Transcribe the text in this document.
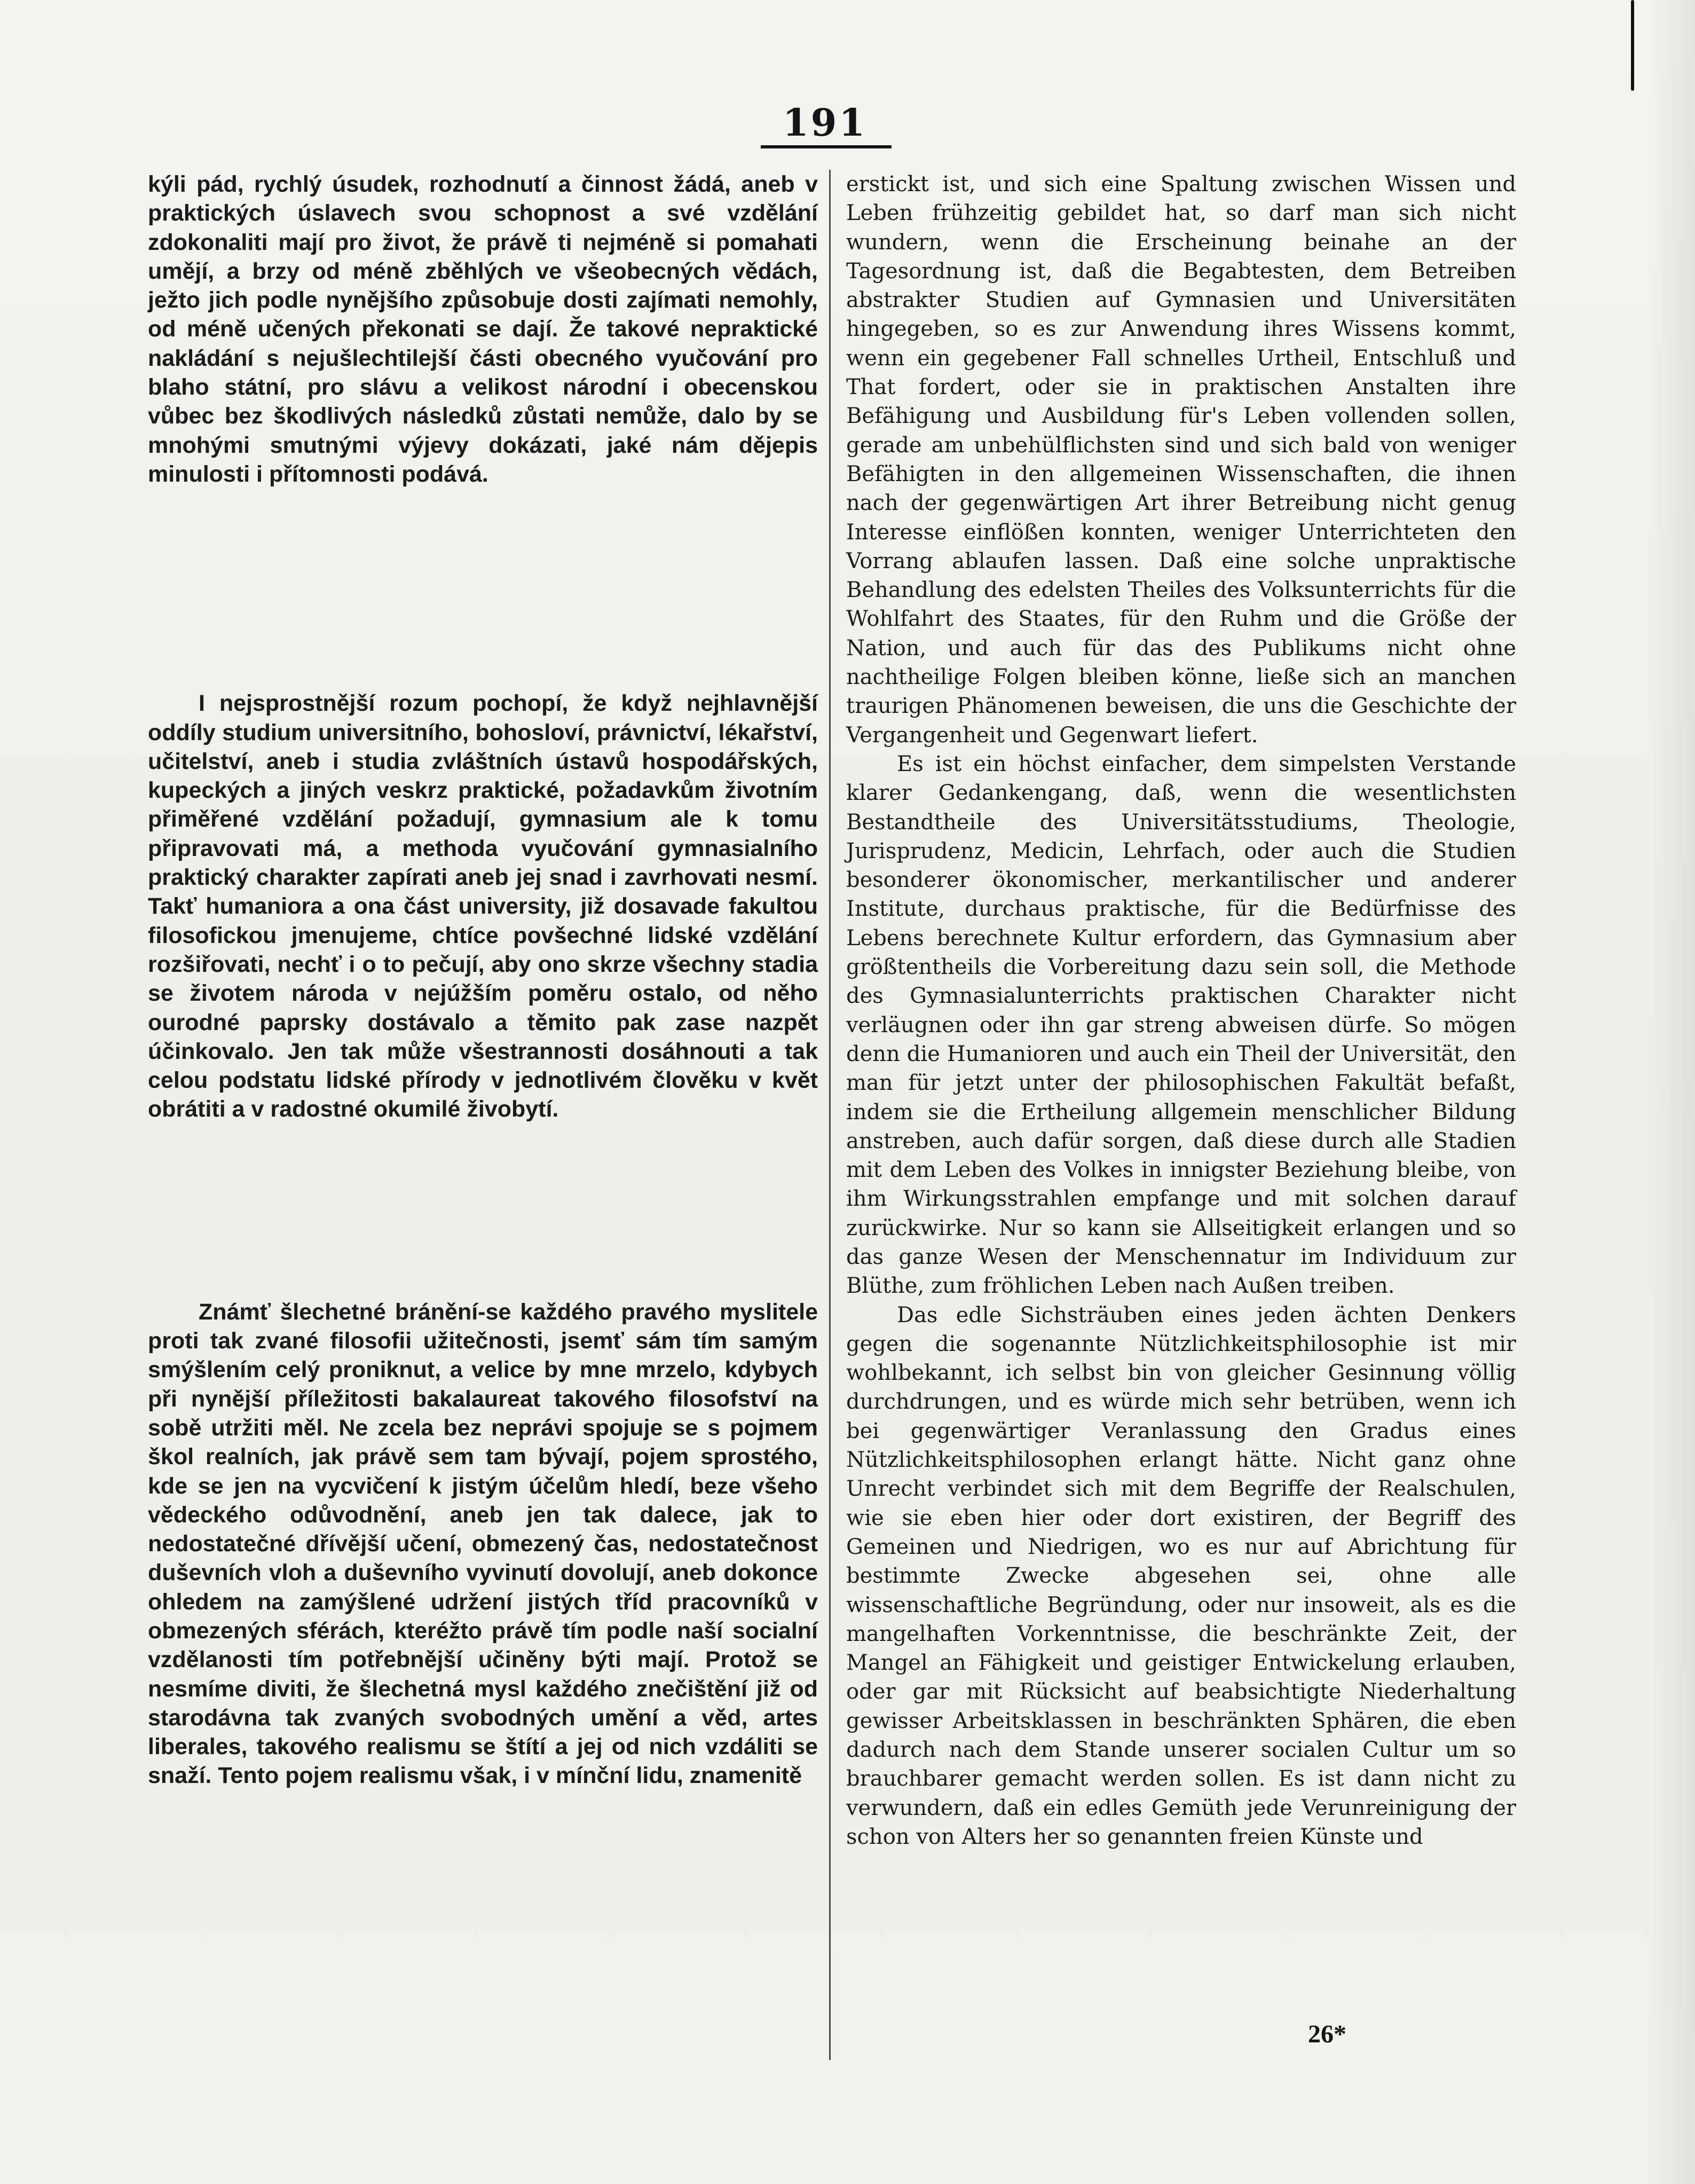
191

kýli pád, rychlý úsudek, rozhodnutí a činnost žádá, aneb v praktických úslavech svou schopnost a své vzdělání zdokonaliti mají pro život, že právě ti nejméně si pomahati umějí, a brzy od méně zběhlých ve všeobecných vědách, ježto jich podle nynějšího způsobuje dosti zajímati nemohly, od méně učených překonati se dají. Že takové nepraktické nakládání s nejušlechtilejší části obecného vyučování pro blaho státní, pro slávu a velikost národní i obecenskou vůbec bez škodlivých následků zůstati nemůže, dalo by se mnohými smutnými výjevy dokázati, jaké nám dějepis minulosti i přítomnosti podává.

I nejsprostnější rozum pochopí, že když nejhlavnější oddíly studium universitního, bohosloví, právnictví, lékařství, učitelství, aneb i studia zvláštních ústavů hospodářských, kupeckých a jiných veskrz praktické, požadavkům životním přiměřené vzdělání požadují, gymnasium ale k tomu připravovati má, a methoda vyučování gymnasialního praktický charakter zapírati aneb jej snad i zavrhovati nesmí. Takť humaniora a ona část university, již dosavade fakultou filosofickou jmenujeme, chtíce povšechné lidské vzdělání rozšiřovati, nechť i o to pečují, aby ono skrze všechny stadia se životem národa v nejúžším poměru ostalo, od něho ourodné paprsky dostávalo a těmito pak zase nazpět účinkovalo. Jen tak může všestrannosti dosáhnouti a tak celou podstatu lidské přírody v jednotlivém člověku v květ obrátiti a v radostné okumilé živobytí.

Známť šlechetné bránění-se každého pravého myslitele proti tak zvané filosofii užitečnosti, jsemť sám tím samým smýšlením celý proniknut, a velice by mne mrzelo, kdybych při nynější příležitosti bakalaureat takového filosofství na sobě utržiti měl. Ne zcela bez neprávi spojuje se s pojmem škol realních, jak právě sem tam bývají, pojem sprostého, kde se jen na vycvičení k jistým účelům hledí, beze všeho vědeckého odůvodnění, aneb jen tak dalece, jak to nedostatečné dřívější učení, obmezený čas, nedostatečnost duševních vloh a duševního vyvinutí dovolují, aneb dokonce ohledem na zamýšlené udržení jistých tříd pracovníků v obmezených sférách, kteréžto právě tím podle naší socialní vzdělanosti tím potřebnější učiněny býti mají. Protož se nesmíme diviti, že šlechetná mysl každého znečištění již od starodávna tak zvaných svobodných umění a věd, artes liberales, takového realismu se štítí a jej od nich vzdáliti se snaží. Tento pojem realismu však, i v mínční lidu, znamenitě

erstickt ist, und sich eine Spaltung zwischen Wissen und Leben frühzeitig gebildet hat, so darf man sich nicht wundern, wenn die Erscheinung beinahe an der Tagesordnung ist, daß die Begabtesten, dem Betreiben abstrakter Studien auf Gymnasien und Universitäten hingegeben, so es zur Anwendung ihres Wissens kommt, wenn ein gegebener Fall schnelles Urtheil, Entschluß und That fordert, oder sie in praktischen Anstalten ihre Befähigung und Ausbildung für's Leben vollenden sollen, gerade am unbehülflichsten sind und sich bald von weniger Befähigten in den allgemeinen Wissenschaften, die ihnen nach der gegenwärtigen Art ihrer Betreibung nicht genug Interesse einflößen konnten, weniger Unterrichteten den Vorrang ablaufen lassen. Daß eine solche unpraktische Behandlung des edelsten Theiles des Volksunterrichts für die Wohlfahrt des Staates, für den Ruhm und die Größe der Nation, und auch für das des Publikums nicht ohne nachtheilige Folgen bleiben könne, ließe sich an manchen traurigen Phänomenen beweisen, die uns die Geschichte der Vergangenheit und Gegenwart liefert.

Es ist ein höchst einfacher, dem simpelsten Verstande klarer Gedankengang, daß, wenn die wesentlichsten Bestandtheile des Universitätsstudiums, Theologie, Jurisprudenz, Medicin, Lehrfach, oder auch die Studien besonderer ökonomischer, merkantilischer und anderer Institute, durchaus praktische, für die Bedürfnisse des Lebens berechnete Kultur erfordern, das Gymnasium aber größtentheils die Vorbereitung dazu sein soll, die Methode des Gymnasialunterrichts praktischen Charakter nicht verläugnen oder ihn gar streng abweisen dürfe. So mögen denn die Humanioren und auch ein Theil der Universität, den man für jetzt unter der philosophischen Fakultät befaßt, indem sie die Ertheilung allgemein menschlicher Bildung anstreben, auch dafür sorgen, daß diese durch alle Stadien mit dem Leben des Volkes in innigster Beziehung bleibe, von ihm Wirkungsstrahlen empfange und mit solchen darauf zurückwirke. Nur so kann sie Allseitigkeit erlangen und so das ganze Wesen der Menschennatur im Individuum zur Blüthe, zum fröhlichen Leben nach Außen treiben.

Das edle Sichsträuben eines jeden ächten Denkers gegen die sogenannte Nützlichkeitsphilosophie ist mir wohlbekannt, ich selbst bin von gleicher Gesinnung völlig durchdrungen, und es würde mich sehr betrüben, wenn ich bei gegenwärtiger Veranlassung den Gradus eines Nützlichkeitsphilosophen erlangt hätte. Nicht ganz ohne Unrecht verbindet sich mit dem Begriffe der Realschulen, wie sie eben hier oder dort existiren, der Begriff des Gemeinen und Niedrigen, wo es nur auf Abrichtung für bestimmte Zwecke abgesehen sei, ohne alle wissenschaftliche Begründung, oder nur insoweit, als es die mangelhaften Vorkenntnisse, die beschränkte Zeit, der Mangel an Fähigkeit und geistiger Entwickelung erlauben, oder gar mit Rücksicht auf beabsichtigte Niederhaltung gewisser Arbeitsklassen in beschränkten Sphären, die eben dadurch nach dem Stande unserer socialen Cultur um so brauchbarer gemacht werden sollen. Es ist dann nicht zu verwundern, daß ein edles Gemüth jede Verunreinigung der schon von Alters her so genannten freien Künste und

26*
